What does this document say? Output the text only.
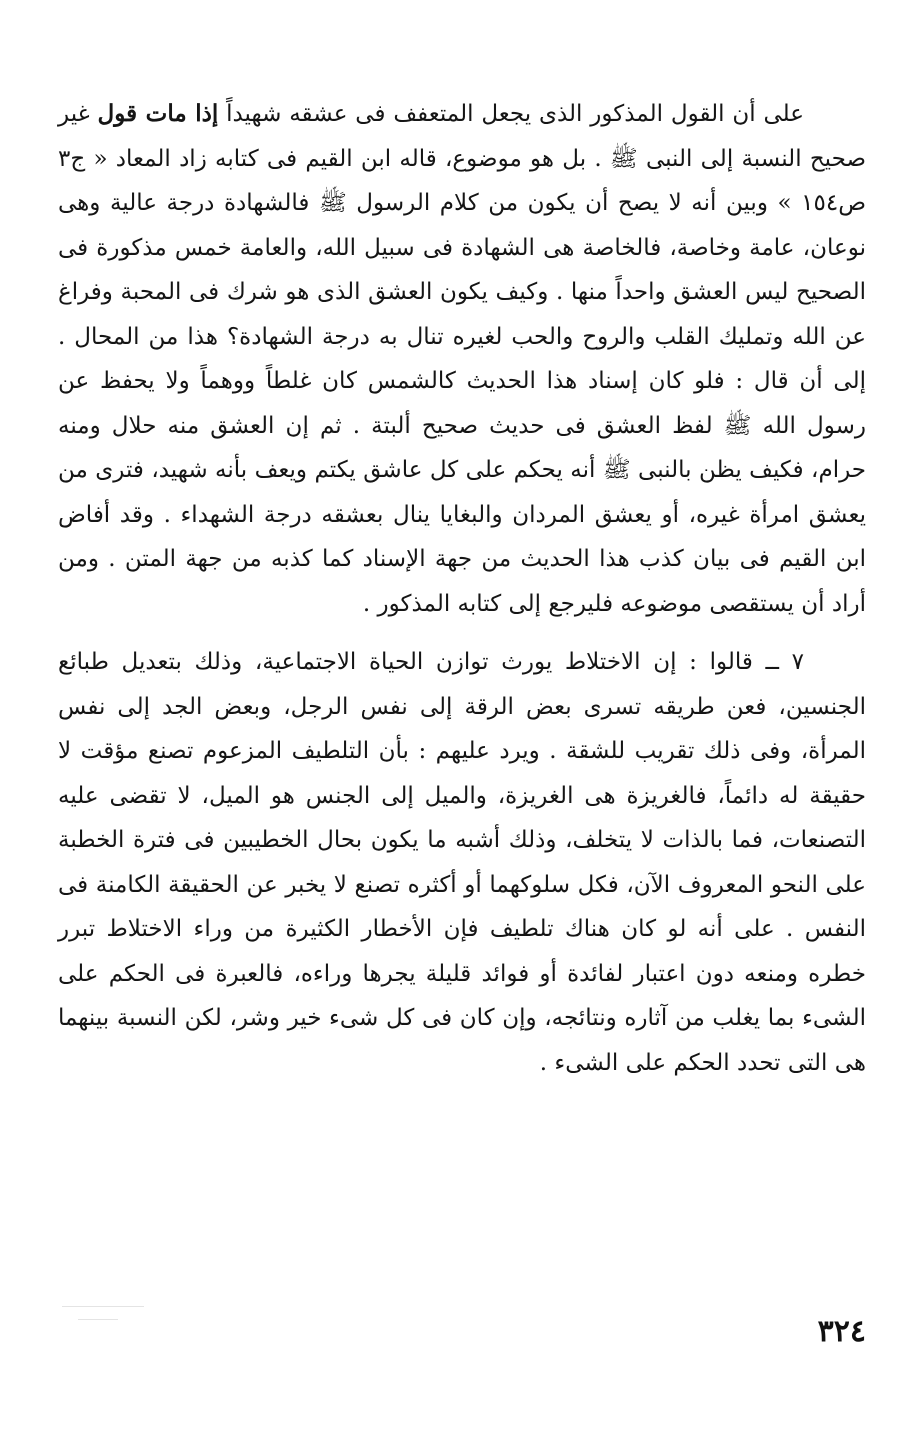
على أن القول المذكور الذى يجعل المتعفف فى عشقه شهيداً إذا مات قول غير صحيح النسبة إلى النبى ﷺ . بل هو موضوع، قاله ابن القيم فى كتابه زاد المعاد « ج٣ ص١٥٤ » وبين أنه لا يصح أن يكون من كلام الرسول ﷺ فالشهادة درجة عالية وهى نوعان، عامة وخاصة، فالخاصة هى الشهادة فى سبيل الله، والعامة خمس مذكورة فى الصحيح ليس العشق واحداً منها . وكيف يكون العشق الذى هو شرك فى المحبة وفراغ عن الله وتمليك القلب والروح والحب لغيره تنال به درجة الشهادة؟ هذا من المحال . إلى أن قال : فلو كان إسناد هذا الحديث كالشمس كان غلطاً ووهماً ولا يحفظ عن رسول الله ﷺ لفظ العشق فى حديث صحيح ألبتة . ثم إن العشق منه حلال ومنه حرام، فكيف يظن بالنبى ﷺ أنه يحكم على كل عاشق يكتم ويعف بأنه شهيد، فترى من يعشق امرأة غيره، أو يعشق المردان والبغايا ينال بعشقه درجة الشهداء . وقد أفاض ابن القيم فى بيان كذب هذا الحديث من جهة الإسناد كما كذبه من جهة المتن . ومن أراد أن يستقصى موضوعه فليرجع إلى كتابه المذكور .

٧ ــ قالوا : إن الاختلاط يورث توازن الحياة الاجتماعية، وذلك بتعديل طبائع الجنسين، فعن طريقه تسرى بعض الرقة إلى نفس الرجل، وبعض الجد إلى نفس المرأة، وفى ذلك تقريب للشقة . ويرد عليهم : بأن التلطيف المزعوم تصنع مؤقت لا حقيقة له دائماً، فالغريزة هى الغريزة، والميل إلى الجنس هو الميل، لا تقضى عليه التصنعات، فما بالذات لا يتخلف، وذلك أشبه ما يكون بحال الخطيبين فى فترة الخطبة على النحو المعروف الآن، فكل سلوكهما أو أكثره تصنع لا يخبر عن الحقيقة الكامنة فى النفس . على أنه لو كان هناك تلطيف فإن الأخطار الكثيرة من وراء الاختلاط تبرر خطره ومنعه دون اعتبار لفائدة أو فوائد قليلة يجرها وراءه، فالعبرة فى الحكم على الشىء بما يغلب من آثاره ونتائجه، وإن كان فى كل شىء خير وشر، لكن النسبة بينهما هى التى تحدد الحكم على الشىء .

٣٢٤
